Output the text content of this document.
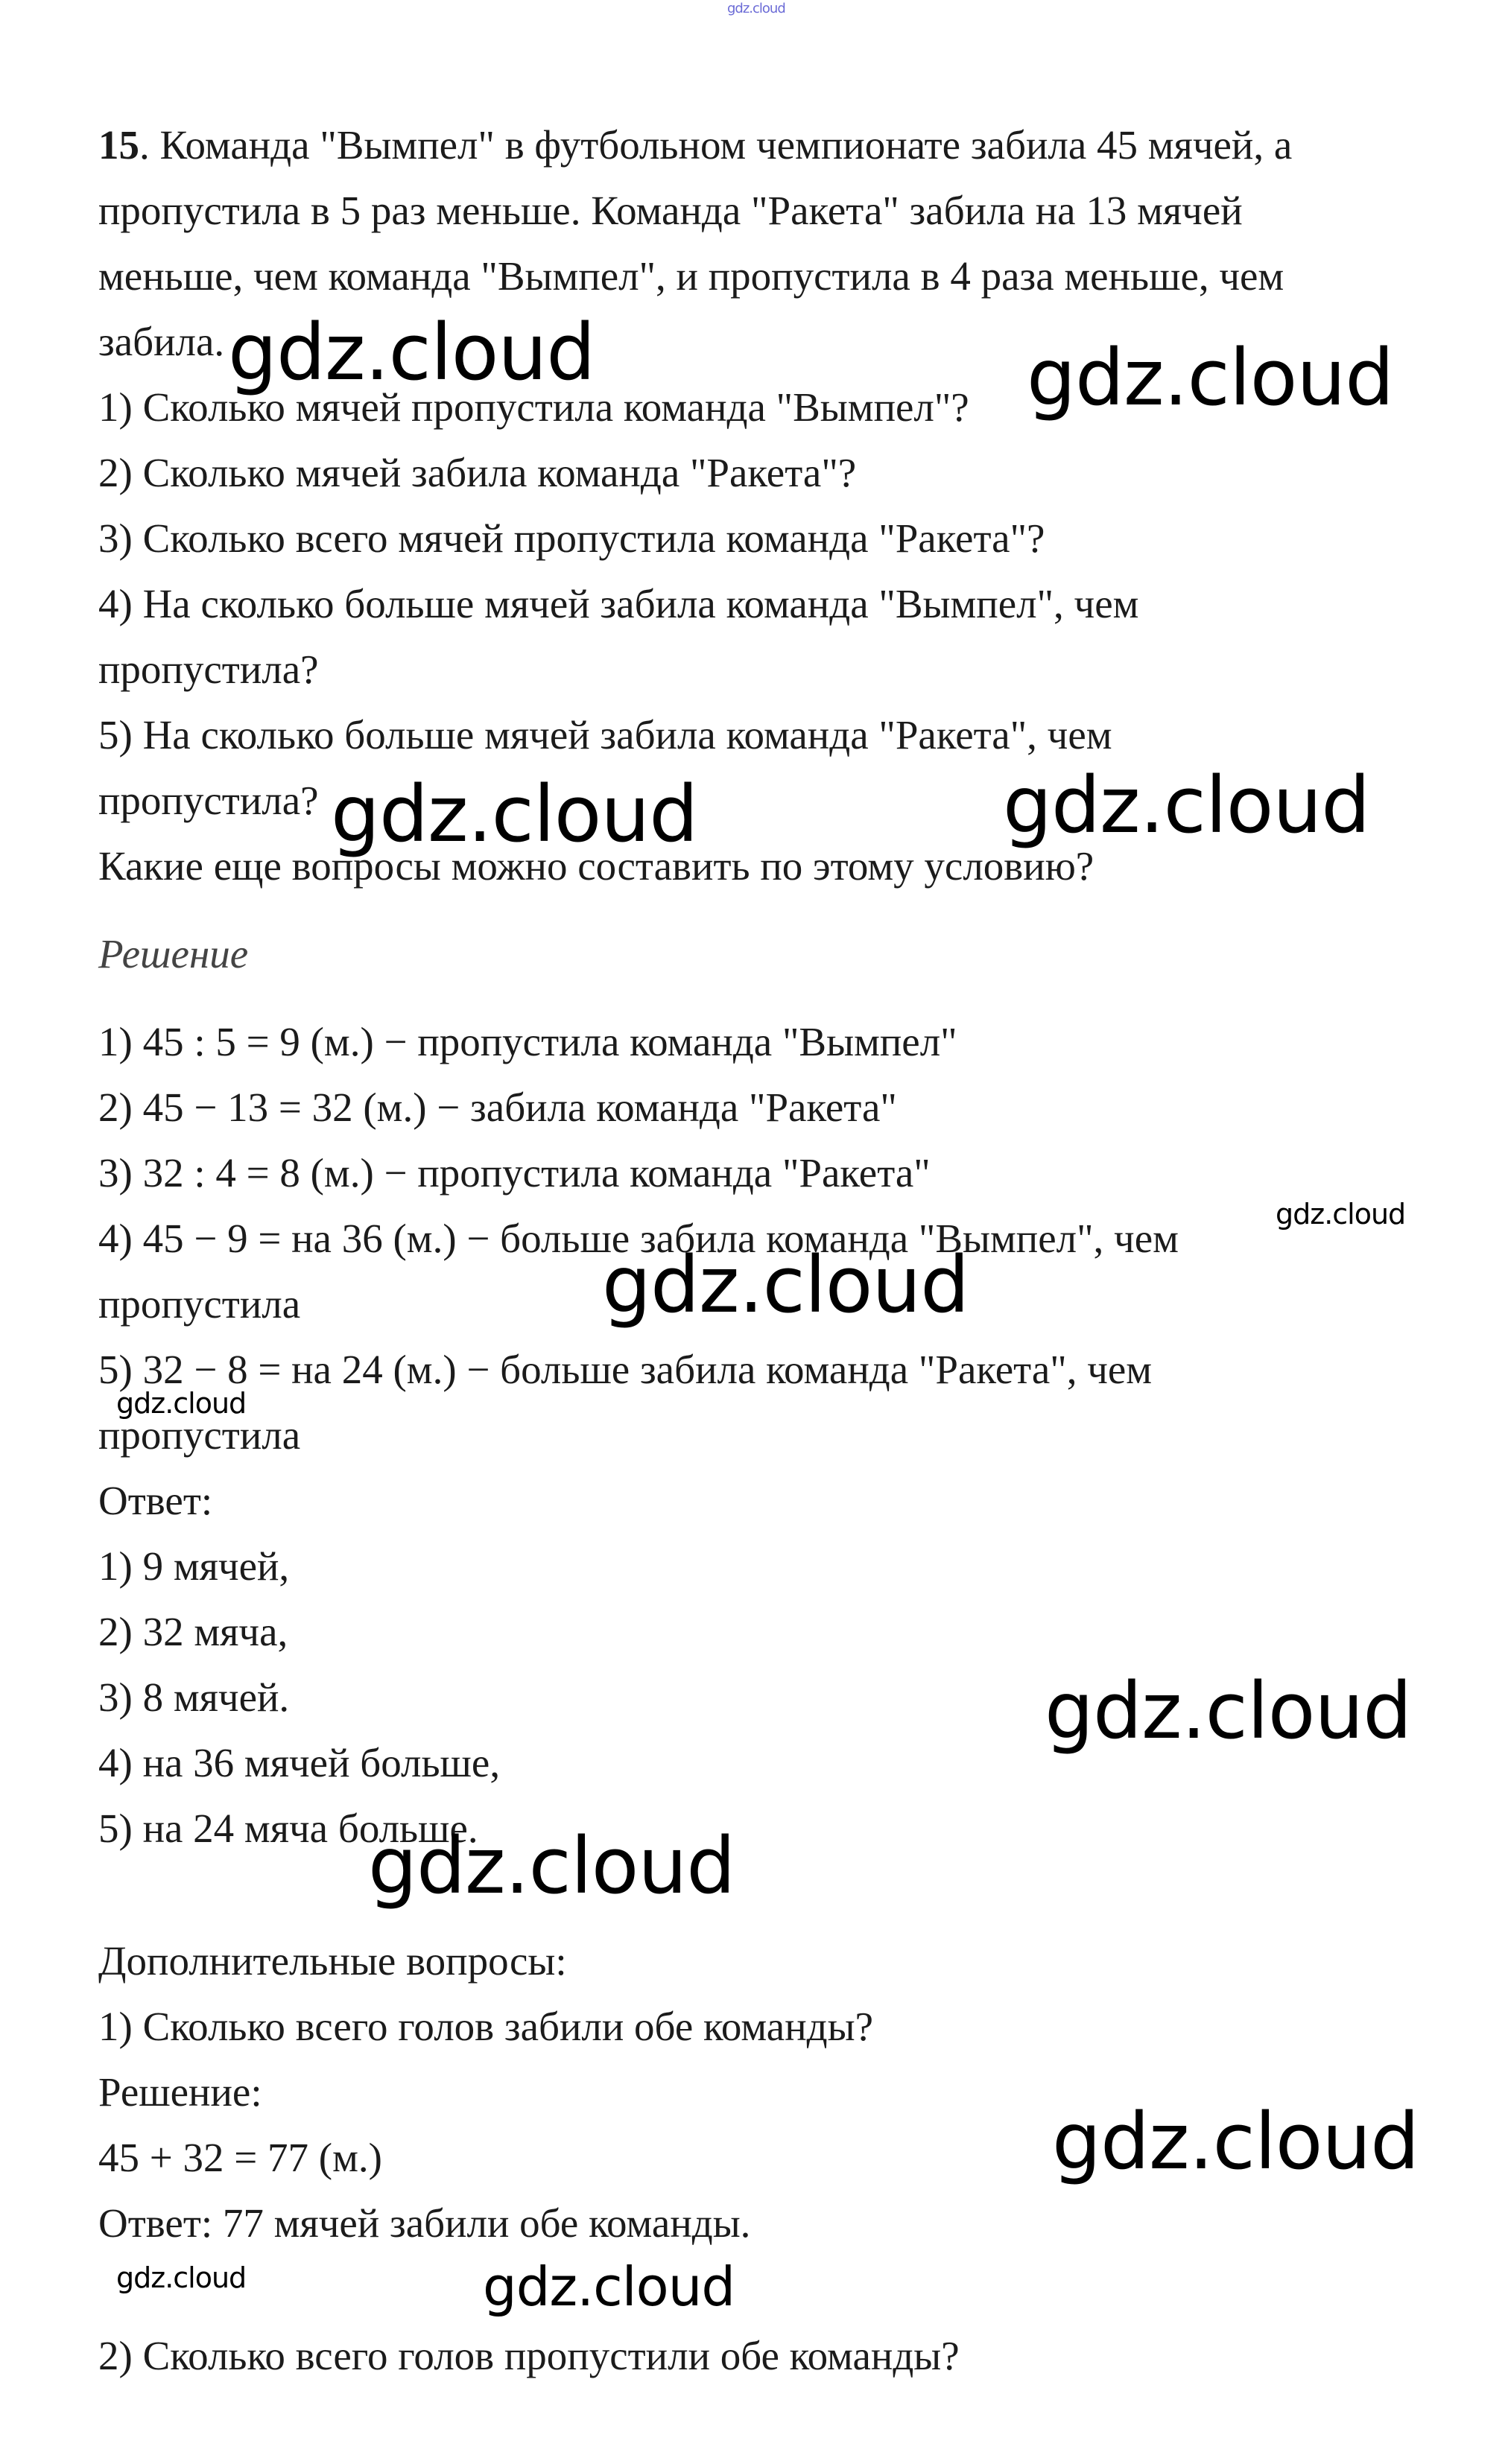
gdz.cloud
15. Команда "Вымпел" в футбольном чемпионате забила 45 мячей, а
пропустила в 5 раз меньше. Команда "Ракета" забила на 13 мячей
меньше, чем команда "Вымпел", и пропустила в 4 раза меньше, чем
забила.
1) Сколько мячей пропустила команда "Вымпел"?
2) Сколько мячей забила команда "Ракета"?
3) Сколько всего мячей пропустила команда "Ракета"?
4) На сколько больше мячей забила команда "Вымпел", чем
пропустила?
5) На сколько больше мячей забила команда "Ракета", чем
пропустила?
Какие еще вопросы можно составить по этому условию?
Решение
1) 45 : 5 = 9 (м.) − пропустила команда "Вымпел"
2) 45 − 13 = 32 (м.) − забила команда "Ракета"
3) 32 : 4 = 8 (м.) − пропустила команда "Ракета"
4) 45 − 9 = на 36 (м.) − больше забила команда "Вымпел", чем
пропустила
5) 32 − 8 = на 24 (м.) − больше забила команда "Ракета", чем
пропустила
Ответ:
1) 9 мячей,
2) 32 мяча,
3) 8 мячей.
4) на 36 мячей больше,
5) на 24 мяча больше.
Дополнительные вопросы:
1) Сколько всего голов забили обе команды?
Решение:
45 + 32 = 77 (м.)
Ответ: 77 мячей забили обе команды.
2) Сколько всего голов пропустили обе команды?
gdz.cloud	gdz.cloud
gdz.cloud	gdz.cloud
gdz.cloud
gdz.cloud
gdz.cloud
gdz.cloud
gdz.cloud
gdz.cloud
gdz.cloud	gdz.cloud
